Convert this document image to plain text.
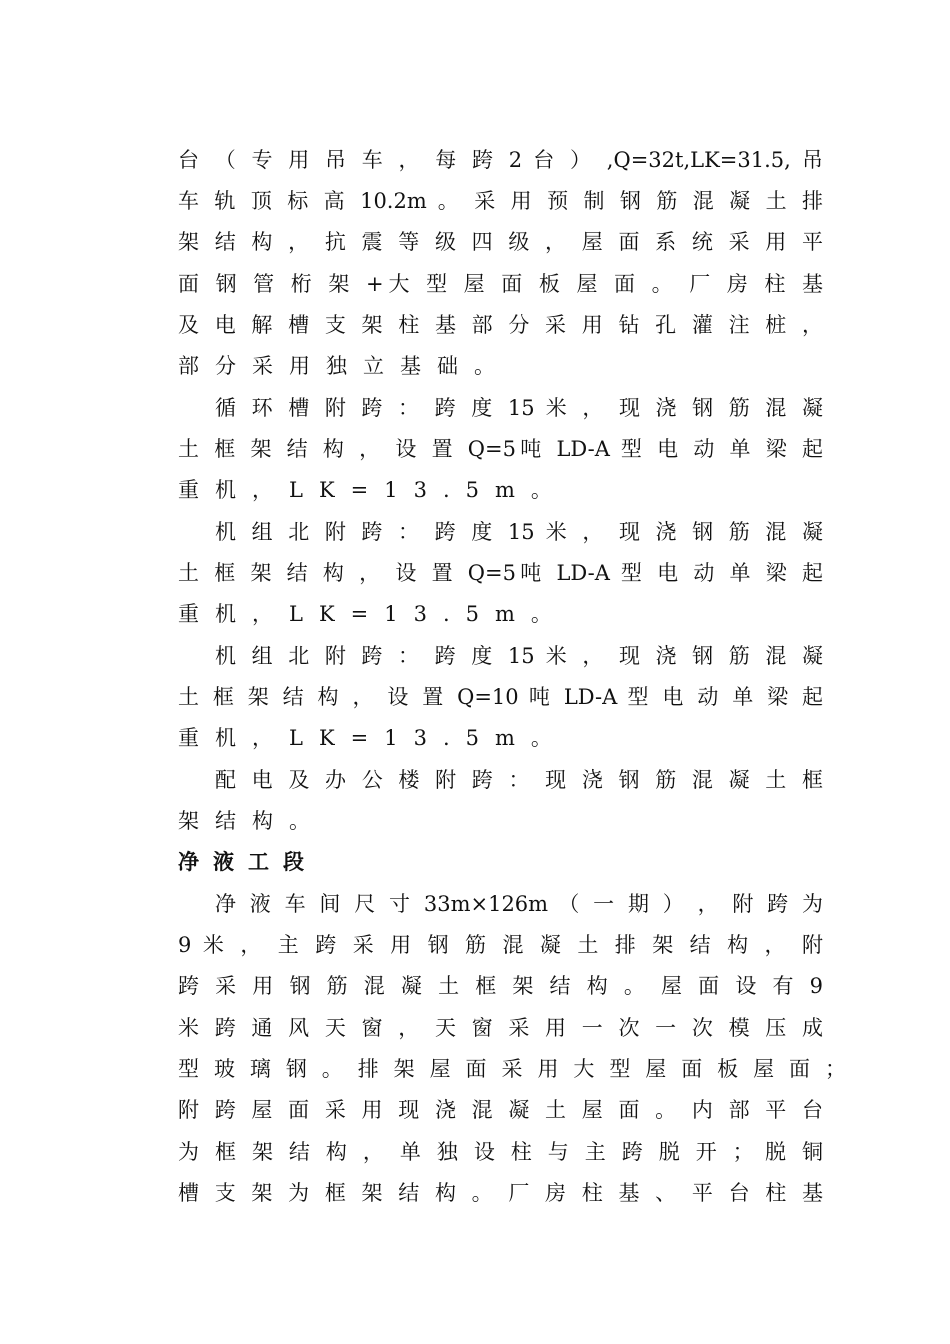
台 （ 专 用 吊 车 ， 每 跨 2 台 ） ,Q=32t,LK=31.5, 吊
车 轨 顶 标 高 10.2m 。 采 用 预 制 钢 筋 混 凝 土 排
架 结 构 ， 抗 震 等 级 四 级 ， 屋 面 系 统 采 用 平
面 钢 管 桁 架 +大 型 屋 面 板 屋 面 。 厂 房 柱 基
及 电 解 槽 支 架 柱 基 部 分 采 用 钻 孔 灌 注 桩 ，
部分采用独立基础。
循 环 槽 附 跨 ： 跨 度 15 米 ， 现 浇 钢 筋 混 凝
土 框 架 结 构 ， 设 置 Q=5吨 LD-A 型 电 动 单 梁 起
重机，LK=13.5m。
机 组 北 附 跨 ： 跨 度 15 米 ， 现 浇 钢 筋 混 凝
土 框 架 结 构 ， 设 置 Q=5吨 LD-A 型 电 动 单 梁 起
重机，LK=13.5m。
机 组 北 附 跨 ： 跨 度 15 米 ， 现 浇 钢 筋 混 凝
土 框 架 结 构 ， 设 置 Q=10 吨 LD-A 型 电 动 单 梁 起
重机，LK=13.5m。
配 电 及 办 公 楼 附 跨 ： 现 浇 钢 筋 混 凝 土 框
架结构。
净液工段
净 液 车 间 尺 寸 33m×126m （ 一 期 ） ， 附 跨 为
9 米 ， 主 跨 采 用 钢 筋 混 凝 土 排 架 结 构 ， 附
跨 采 用 钢 筋 混 凝 土 框 架 结 构 。 屋 面 设 有 9
米 跨 通 风 天 窗 ， 天 窗 采 用 一 次 一 次 模 压 成
型 玻 璃 钢 。 排 架 屋 面 采 用 大 型 屋 面 板 屋 面 ；
附 跨 屋 面 采 用 现 浇 混 凝 土 屋 面 。 内 部 平 台
为 框 架 结 构 ， 单 独 设 柱 与 主 跨 脱 开 ； 脱 铜
槽 支 架 为 框 架 结 构 。 厂 房 柱 基 、 平 台 柱 基
